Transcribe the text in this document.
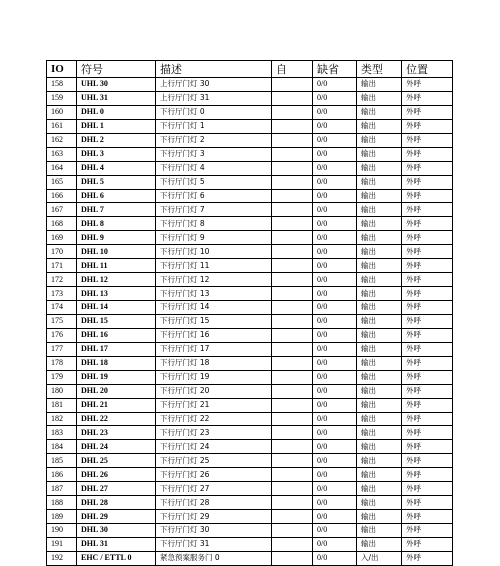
IO	符号	描述	自	缺省	类型	位置
158	UHL 30	上行厅门灯 30		0/0	输出	外呼
159	UHL 31	上行厅门灯 31		0/0	输出	外呼
160	DHL 0	下行厅门灯 0		0/0	输出	外呼
161	DHL 1	下行厅门灯 1		0/0	输出	外呼
162	DHL 2	下行厅门灯 2		0/0	输出	外呼
163	DHL 3	下行厅门灯 3		0/0	输出	外呼
164	DHL 4	下行厅门灯 4		0/0	输出	外呼
165	DHL 5	下行厅门灯 5		0/0	输出	外呼
166	DHL 6	下行厅门灯 6		0/0	输出	外呼
167	DHL 7	下行厅门灯 7		0/0	输出	外呼
168	DHL 8	下行厅门灯 8		0/0	输出	外呼
169	DHL 9	下行厅门灯 9		0/0	输出	外呼
170	DHL 10	下行厅门灯 10		0/0	输出	外呼
171	DHL 11	下行厅门灯 11		0/0	输出	外呼
172	DHL 12	下行厅门灯 12		0/0	输出	外呼
173	DHL 13	下行厅门灯 13		0/0	输出	外呼
174	DHL 14	下行厅门灯 14		0/0	输出	外呼
175	DHL 15	下行厅门灯 15		0/0	输出	外呼
176	DHL 16	下行厅门灯 16		0/0	输出	外呼
177	DHL 17	下行厅门灯 17		0/0	输出	外呼
178	DHL 18	下行厅门灯 18		0/0	输出	外呼
179	DHL 19	下行厅门灯 19		0/0	输出	外呼
180	DHL 20	下行厅门灯 20		0/0	输出	外呼
181	DHL 21	下行厅门灯 21		0/0	输出	外呼
182	DHL 22	下行厅门灯 22		0/0	输出	外呼
183	DHL 23	下行厅门灯 23		0/0	输出	外呼
184	DHL 24	下行厅门灯 24		0/0	输出	外呼
185	DHL 25	下行厅门灯 25		0/0	输出	外呼
186	DHL 26	下行厅门灯 26		0/0	输出	外呼
187	DHL 27	下行厅门灯 27		0/0	输出	外呼
188	DHL 28	下行厅门灯 28		0/0	输出	外呼
189	DHL 29	下行厅门灯 29		0/0	输出	外呼
190	DHL 30	下行厅门灯 30		0/0	输出	外呼
191	DHL 31	下行厅门灯 31		0/0	输出	外呼
192	EHC / ETTL 0	紧急预案服务门 0		0/0	入/出	外呼
